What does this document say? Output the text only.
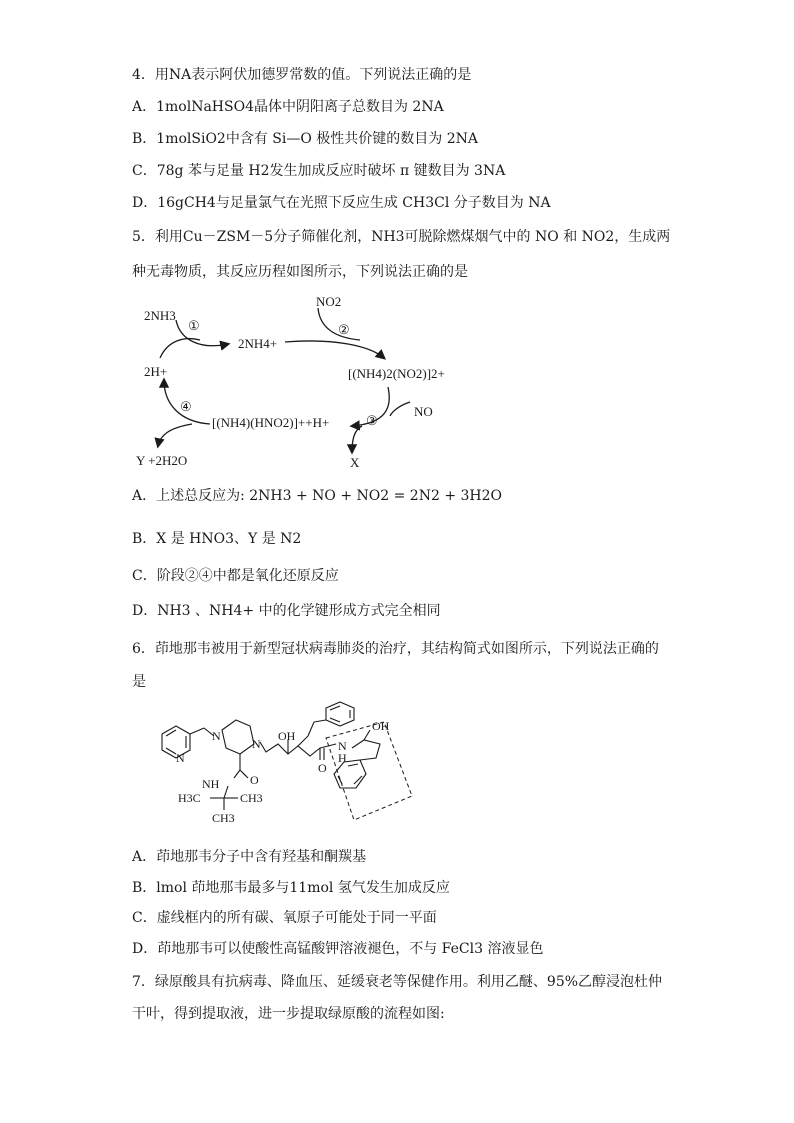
4．用NA表示阿伏加德罗常数的值。下列说法正确的是
A．1molNaHSO4晶体中阴阳离子总数目为 2NA
B．1molSiO2中含有 Si—O 极性共价键的数目为 2NA
C．78g 苯与足量 H2发生加成反应时破坏 π 键数目为 3NA
D．16gCH4与足量氯气在光照下反应生成 CH3Cl 分子数目为 NA
5．利用Cu－ZSM－5分子筛催化剂，NH3可脱除燃煤烟气中的 NO 和 NO2，生成两
种无毒物质，其反应历程如图所示，下列说法正确的是
2NH3
①
2NH4+
NO2
②
2H+	[(NH4)2(NO2)]2+
④
[(NH4)(HNO2)]++H+
NO
③
Y +2H2O	X
A．上述总反应为: 2NH3 + NO + NO2 = 2N2 + 3H2O
B．X 是 HNO3、Y 是 N2
C．阶段②④中都是氧化还原反应
D．NH3 、NH4+ 中的化学键形成方式完全相同
6．茚地那韦被用于新型冠状病毒肺炎的治疗，其结构简式如图所示，下列说法正确的
是
N
N
N
OH
OH
NH
N
H
O
O
H3C	CH3
CH3
A．茚地那韦分子中含有羟基和酮羰基
B．lmol 茚地那韦最多与11mol 氢气发生加成反应
C．虚线框内的所有碳、氧原子可能处于同一平面
D．茚地那韦可以使酸性高锰酸钾溶液褪色，不与 FeCl3 溶液显色
7．绿原酸具有抗病毒、降血压、延缓衰老等保健作用。利用乙醚、95%乙醇浸泡杜仲
干叶，得到提取液，进一步提取绿原酸的流程如图:
